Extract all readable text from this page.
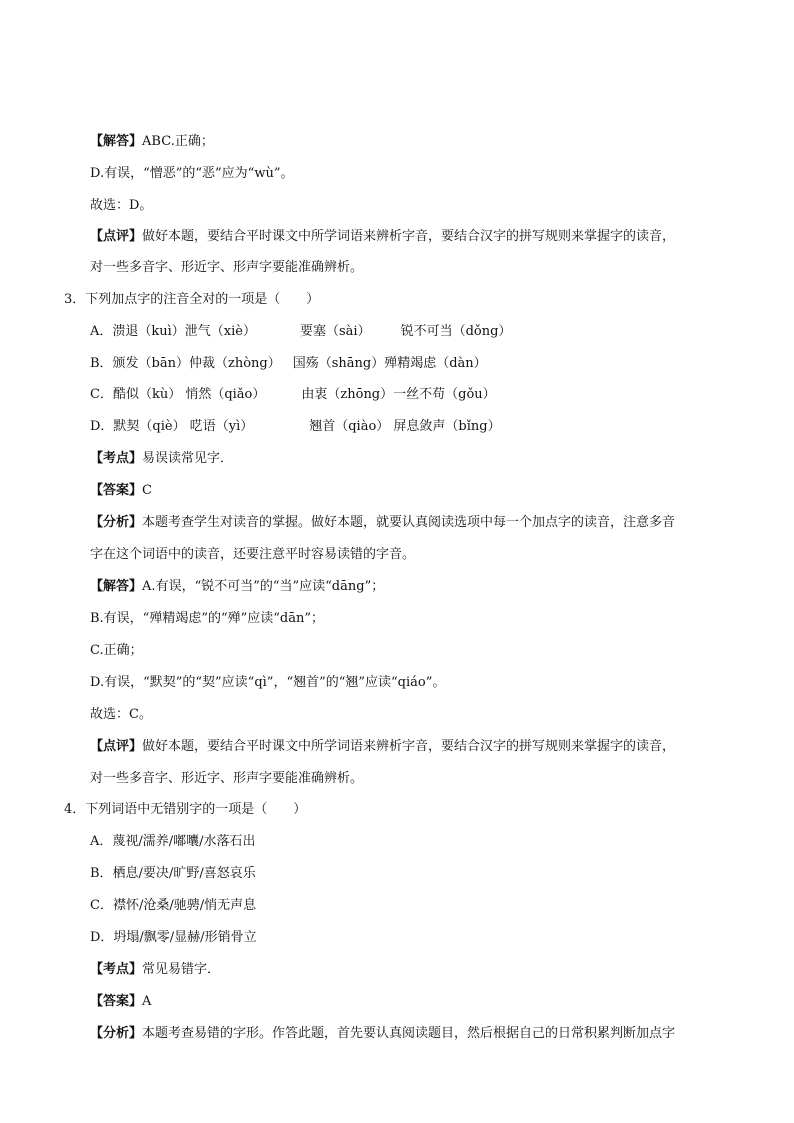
【解答】ABC.正确；
D.有误，“憎恶”的“恶”应为“wù”。
故选：D。
【点评】做好本题，要结合平时课文中所学词语来辨析字音，要结合汉字的拼写规则来掌握字的读音，
对一些多音字、形近字、形声字要能准确辨析。
3．下列加点字的注音全对的一项是（　　）
A．溃退（kuì）泄气（xiè）	要塞（sài） 锐不可当（dǒng）
B．颁发（bān）仲裁（zhòng） 国殇（shāng）殚精竭虑（dàn）
C．酷似（kù） 悄然（qiǎo）	由衷（zhōng）一丝不苟（gǒu）
D．默契（qiè） 呓语（yì）	翘首（qiào） 屏息敛声（bǐng）
【考点】易误读常见字．
【答案】C
【分析】本题考查学生对读音的掌握。做好本题，就要认真阅读选项中每一个加点字的读音，注意多音
字在这个词语中的读音，还要注意平时容易读错的字音。
【解答】A.有误，“锐不可当”的“当”应读“dāng”；
B.有误，“殚精竭虑”的“殚”应读“dān”；
C.正确；
D.有误，“默契”的“契”应读“qì”，“翘首”的“翘”应读“qiáo”。
故选：C。
【点评】做好本题，要结合平时课文中所学词语来辨析字音，要结合汉字的拼写规则来掌握字的读音，
对一些多音字、形近字、形声字要能准确辨析。
4．下列词语中无错别字的一项是（　　）
A．蔑视/濡养/嘟囔/水落石出
B．栖息/要决/旷野/喜怒哀乐
C．襟怀/沧桑/驰骋/悄无声息
D．坍塌/飘零/显赫/形销骨立
【考点】常见易错字．
【答案】A
【分析】本题考查易错的字形。作答此题，首先要认真阅读题目，然后根据自己的日常积累判断加点字
